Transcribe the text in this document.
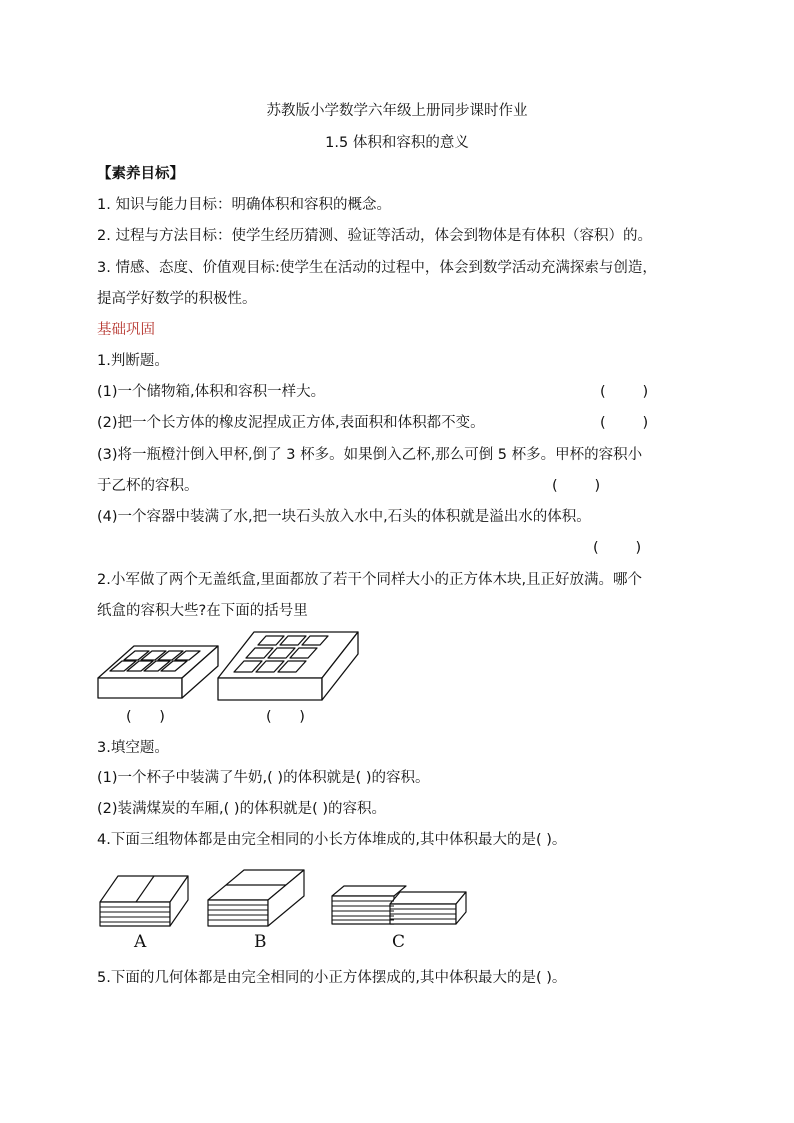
苏教版小学数学六年级上册同步课时作业
1.5 体积和容积的意义
【素养目标】
1. 知识与能力目标：明确体积和容积的概念。
2. 过程与方法目标：使学生经历猜测、验证等活动，体会到物体是有体积（容积）的。
3. 情感、态度、价值观目标:使学生在活动的过程中，体会到数学活动充满探索与创造，
提高学好数学的积极性。
基础巩固
1.判断题。
(1)一个储物箱,体积和容积一样大。	(        )
(2)把一个长方体的橡皮泥捏成正方体,表面积和体积都不变。	(        )
(3)将一瓶橙汁倒入甲杯,倒了 3 杯多。如果倒入乙杯,那么可倒 5 杯多。甲杯的容积小
于乙杯的容积。	(        )
(4)一个容器中装满了水,把一块石头放入水中,石头的体积就是溢出水的体积。
(        )
2.小军做了两个无盖纸盒,里面都放了若干个同样大小的正方体木块,且正好放满。哪个
纸盒的容积大些?在下面的括号里
(      )	(      )
3.填空题。
(1)一个杯子中装满了牛奶,( )的体积就是( )的容积。
(2)装满煤炭的车厢,( )的体积就是( )的容积。
4.下面三组物体都是由完全相同的小长方体堆成的,其中体积最大的是( )。
A	B	C
5.下面的几何体都是由完全相同的小正方体摆成的,其中体积最大的是( )。
